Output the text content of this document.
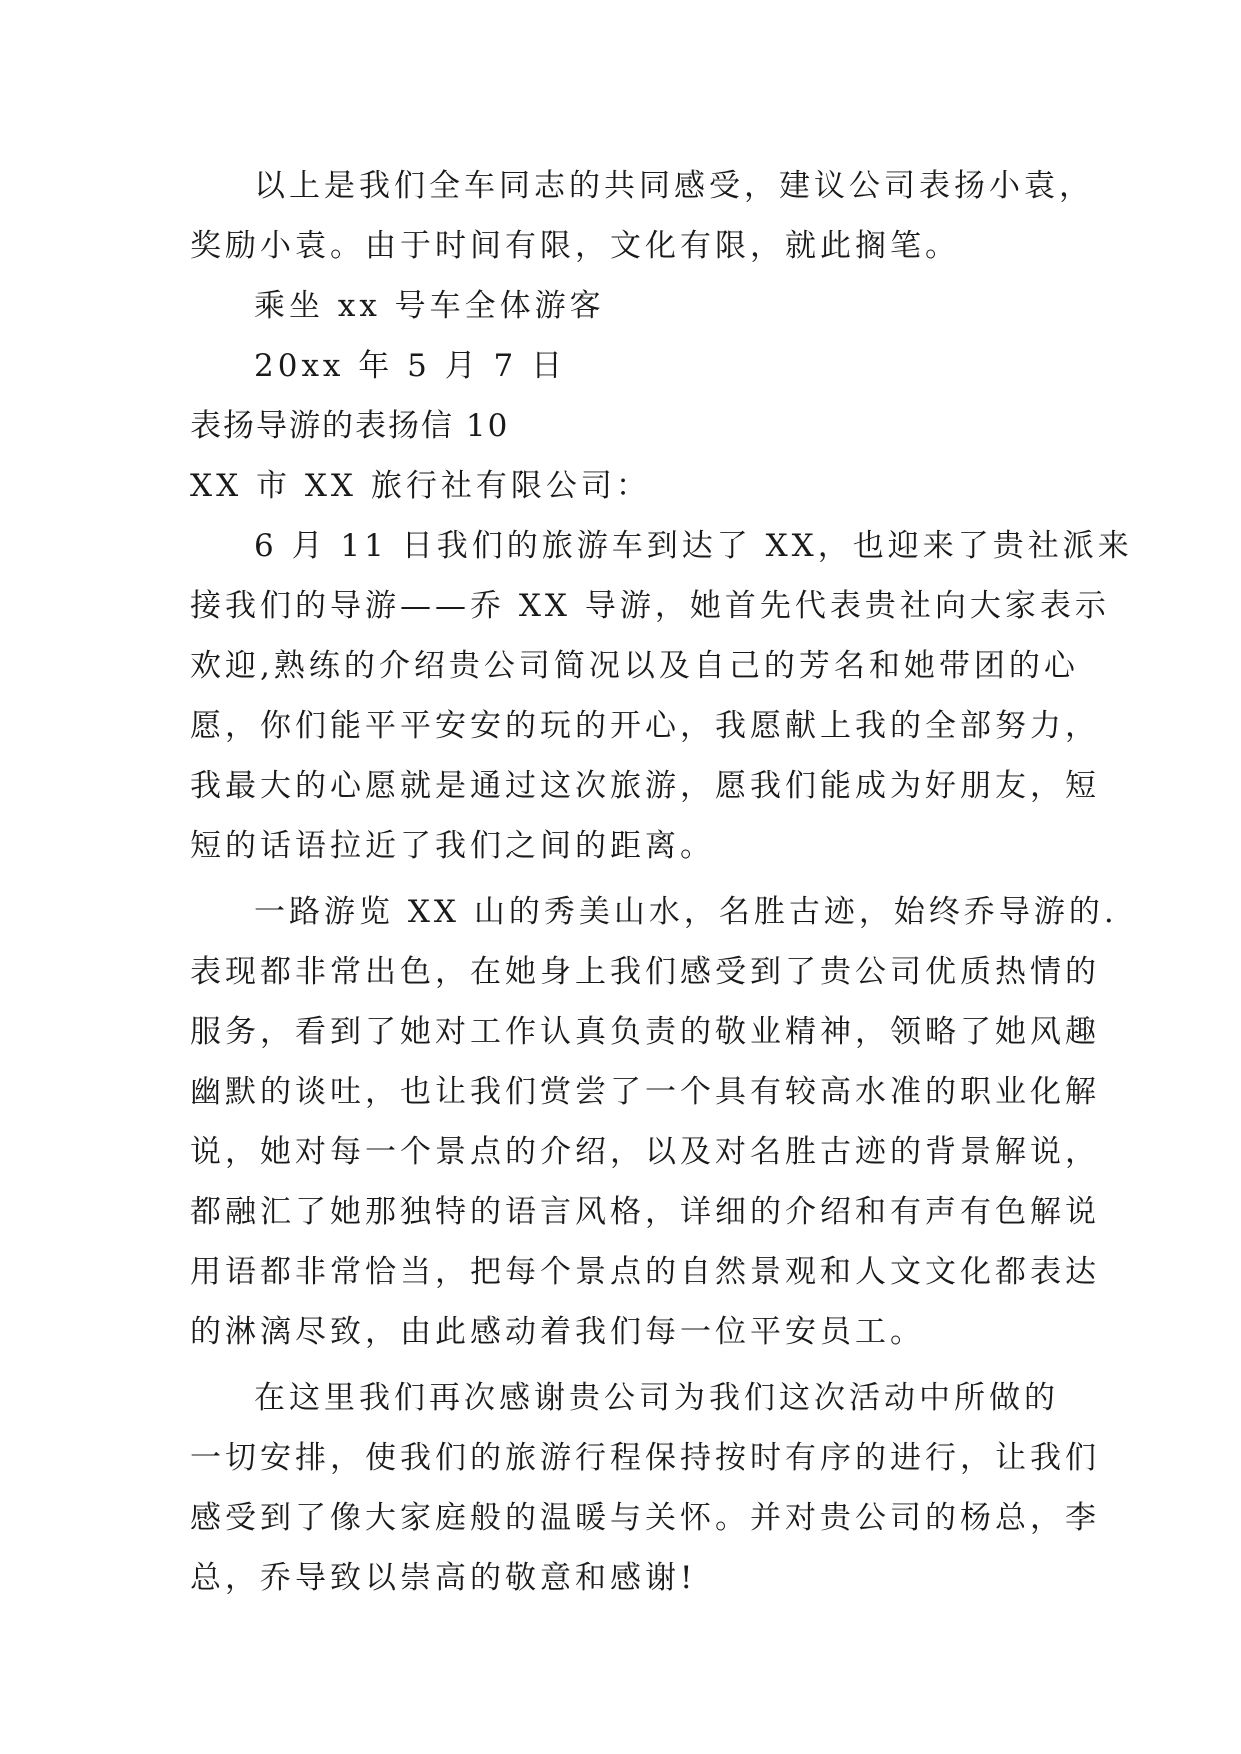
以上是我们全车同志的共同感受，建议公司表扬小袁，
奖励小袁。由于时间有限，文化有限，就此搁笔。
乘坐 xx 号车全体游客
20xx 年 5 月 7 日
表扬导游的表扬信 10
XX 市 XX 旅行社有限公司：
6 月 11 日我们的旅游车到达了 XX，也迎来了贵社派来
接我们的导游——乔 XX 导游，她首先代表贵社向大家表示
欢迎,熟练的介绍贵公司简况以及自己的芳名和她带团的心
愿，你们能平平安安的玩的开心，我愿献上我的全部努力，
我最大的心愿就是通过这次旅游，愿我们能成为好朋友，短
短的话语拉近了我们之间的距离。
一路游览 XX 山的秀美山水，名胜古迹，始终乔导游的.
表现都非常出色，在她身上我们感受到了贵公司优质热情的
服务，看到了她对工作认真负责的敬业精神，领略了她风趣
幽默的谈吐，也让我们赏尝了一个具有较高水准的职业化解
说，她对每一个景点的介绍，以及对名胜古迹的背景解说，
都融汇了她那独特的语言风格，详细的介绍和有声有色解说
用语都非常恰当，把每个景点的自然景观和人文文化都表达
的淋漓尽致，由此感动着我们每一位平安员工。
在这里我们再次感谢贵公司为我们这次活动中所做的
一切安排，使我们的旅游行程保持按时有序的进行，让我们
感受到了像大家庭般的温暖与关怀。并对贵公司的杨总，李
总，乔导致以崇高的敬意和感谢!
